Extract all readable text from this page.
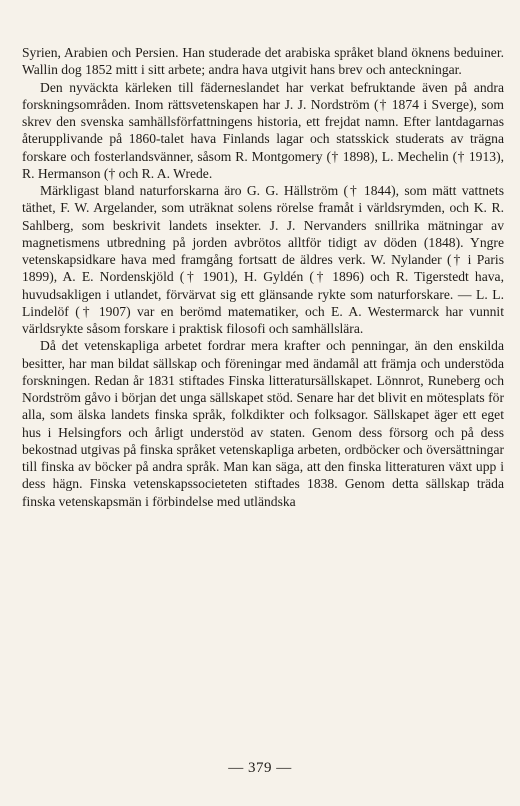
Syrien, Arabien och Persien. Han studerade det arabiska språket bland öknens beduiner. Wallin dog 1852 mitt i sitt arbete; andra hava utgivit hans brev och anteckningar.

Den nyväckta kärleken till fäderneslandet har verkat befruktande även på andra forskningsområden. Inom rättsvetenskapen har J. J. Nordström († 1874 i Sverge), som skrev den svenska samhällsförfattningens historia, ett frejdat namn. Efter lantdagarnas återupplivande på 1860-talet hava Finlands lagar och statsskick studerats av trägna forskare och fosterlandsvänner, såsom R. Montgomery († 1898), L. Mechelin († 1913), R. Hermanson († och R. A. Wrede.

Märkligast bland naturforskarna äro G. G. Hällström († 1844), som mätt vattnets täthet, F. W. Argelander, som uträknat solens rörelse framåt i världsrymden, och K. R. Sahlberg, som beskrivit landets insekter. J. J. Nervanders snillrika mätningar av magnetismens utbredning på jorden avbrötos alltför tidigt av döden (1848). Yngre vetenskapsidkare hava med framgång fortsatt de äldres verk. W. Nylander († i Paris 1899), A. E. Nordenskjöld († 1901), H. Gyldén († 1896) och R. Tigerstedt hava, huvudsakligen i utlandet, förvärvat sig ett glänsande rykte som naturforskare. — L. L. Lindelöf († 1907) var en berömd matematiker, och E. A. Westermarck har vunnit världsrykte såsom forskare i praktisk filosofi och samhällslära.

Då det vetenskapliga arbetet fordrar mera krafter och penningar, än den enskilda besitter, har man bildat sällskap och föreningar med ändamål att främja och understöda forskningen. Redan år 1831 stiftades Finska litteratursällskapet. Lönnrot, Runeberg och Nordström gåvo i början det unga sällskapet stöd. Senare har det blivit en mötesplats för alla, som älska landets finska språk, folkdikter och folksagor. Sällskapet äger ett eget hus i Helsingfors och årligt understöd av staten. Genom dess försorg och på dess bekostnad utgivas på finska språket vetenskapliga arbeten, ordböcker och översättningar till finska av böcker på andra språk. Man kan säga, att den finska litteraturen växt upp i dess hägn. Finska vetenskapssocieteten stiftades 1838. Genom detta sällskap träda finska vetenskapsmän i förbindelse med utländska

— 379 —
